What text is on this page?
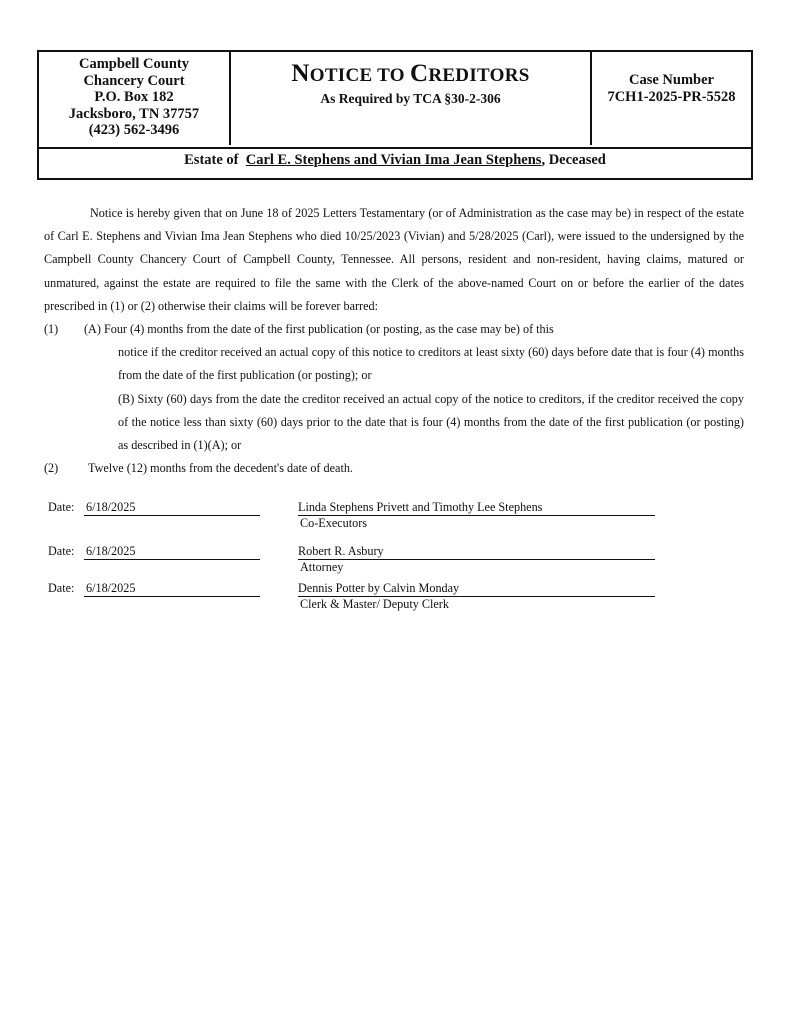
Campbell County
Chancery Court
P.O. Box 182
Jacksboro, TN 37757
(423) 562-3496
NOTICE TO CREDITORS
As Required by TCA §30-2-306
Case Number
7CH1-2025-PR-5528
Estate of Carl E. Stephens and Vivian Ima Jean Stephens, Deceased

Notice is hereby given that on June 18 of 2025 Letters Testamentary (or of Administration as the case may be) in respect of the estate of Carl E. Stephens and Vivian Ima Jean Stephens who died 10/25/2023 (Vivian) and 5/28/2025 (Carl), were issued to the undersigned by the Campbell County Chancery Court of Campbell County, Tennessee. All persons, resident and non-resident, having claims, matured or unmatured, against the estate are required to file the same with the Clerk of the above-named Court on or before the earlier of the dates prescribed in (1) or (2) otherwise their claims will be forever barred:

(1) (A) Four (4) months from the date of the first publication (or posting, as the case may be) of this
notice if the creditor received an actual copy of this notice to creditors at least sixty (60) days before date that is four (4) months from the date of the first publication (or posting); or
(B) Sixty (60) days from the date the creditor received an actual copy of the notice to creditors, if the creditor received the copy of the notice less than sixty (60) days prior to the date that is four (4) months from the date of the first publication (or posting) as described in (1)(A); or
(2) Twelve (12) months from the decedent's date of death.
Date: 6/18/2025	Linda Stephens Privett and Timothy Lee Stephens
Co-Executors
Date: 6/18/2025	Robert R. Asbury
Attorney
Date: 6/18/2025	Dennis Potter by Calvin Monday
Clerk & Master/ Deputy Clerk
